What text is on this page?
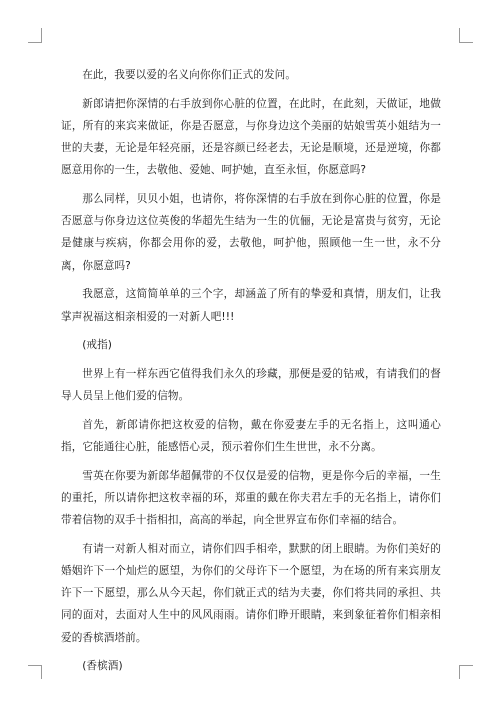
在此，我要以爱的名义向你你们正式的发问。

新郎请把你深情的右手放到你心脏的位置，在此时，在此刻，天做证，地做证，所有的来宾来做证，你是否愿意，与你身边这个美丽的姑娘雪英小姐结为一世的夫妻，无论是年轻亮丽，还是容颜已经老去，无论是顺境，还是逆境，你都愿意用你的一生，去敬他、爱她、呵护她，直至永恒，你愿意吗?

那么同样，贝贝小姐，也请你，将你深情的右手放在到你心脏的位置，你是否愿意与你身边这位英俊的华超先生结为一生的伉俪，无论是富贵与贫穷，无论是健康与疾病，你都会用你的爱，去敬他，呵护他，照顾他一生一世，永不分离，你愿意吗?

我愿意，这简简单单的三个字，却涵盖了所有的挚爱和真情，朋友们，让我掌声祝福这相亲相爱的一对新人吧!!!

(戒指)

世界上有一样东西它值得我们永久的珍藏，那便是爱的钻戒，有请我们的督导人员呈上他们爱的信物。

首先，新郎请你把这枚爱的信物，戴在你爱妻左手的无名指上，这叫通心指，它能通往心脏，能感悟心灵，预示着你们生生世世，永不分离。

雪英在你要为新郎华超佩带的不仅仅是爱的信物，更是你今后的幸福，一生的重托，所以请你把这枚幸福的环，郑重的戴在你夫君左手的无名指上，请你们带着信物的双手十指相扣，高高的举起，向全世界宣布你们幸福的结合。

有请一对新人相对而立，请你们四手相牵，默默的闭上眼睛。为你们美好的婚姻许下一个灿烂的愿望，为你们的父母许下一个愿望，为在场的所有来宾朋友许下一下愿望，那么从今天起，你们就正式的结为夫妻，你们将共同的承担、共同的面对，去面对人生中的风风雨雨。请你们睁开眼睛，来到象征着你们相亲相爱的香槟酒塔前。

(香槟酒)
